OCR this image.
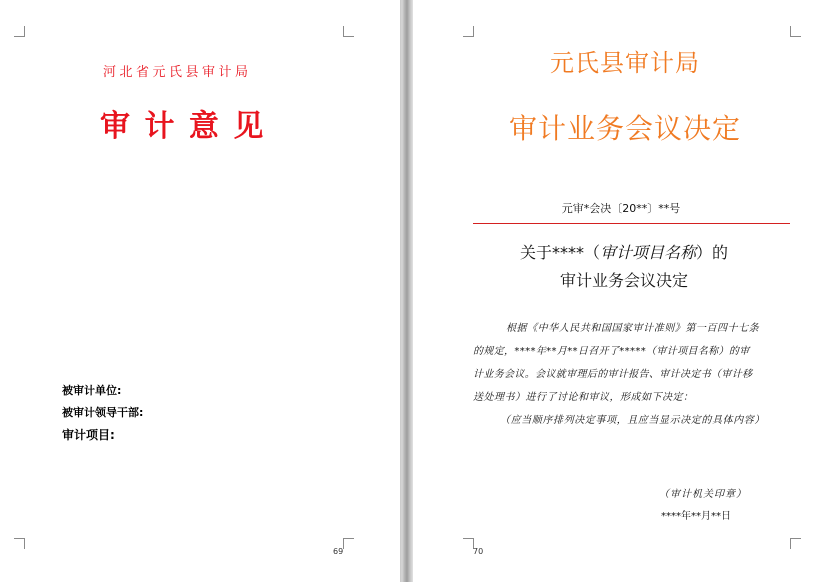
河北省元氏县审计局
审 计 意 见
被审计单位:
被审计领导干部:
审计项目:
69
元氏县审计局
审计业务会议决定
元审*会决〔20**〕**号
关于****（审计项目名称）的
审计业务会议决定
根据《中华人民共和国国家审计准则》第一百四十七条
的规定，****年**月**日召开了*****（审计项目名称）的审
计业务会议。会议就审理后的审计报告、审计决定书（审计移
送处理书）进行了讨论和审议，形成如下决定：
（应当顺序排列决定事项，且应当显示决定的具体内容）
（审计机关印章）
****年**月**日
70
